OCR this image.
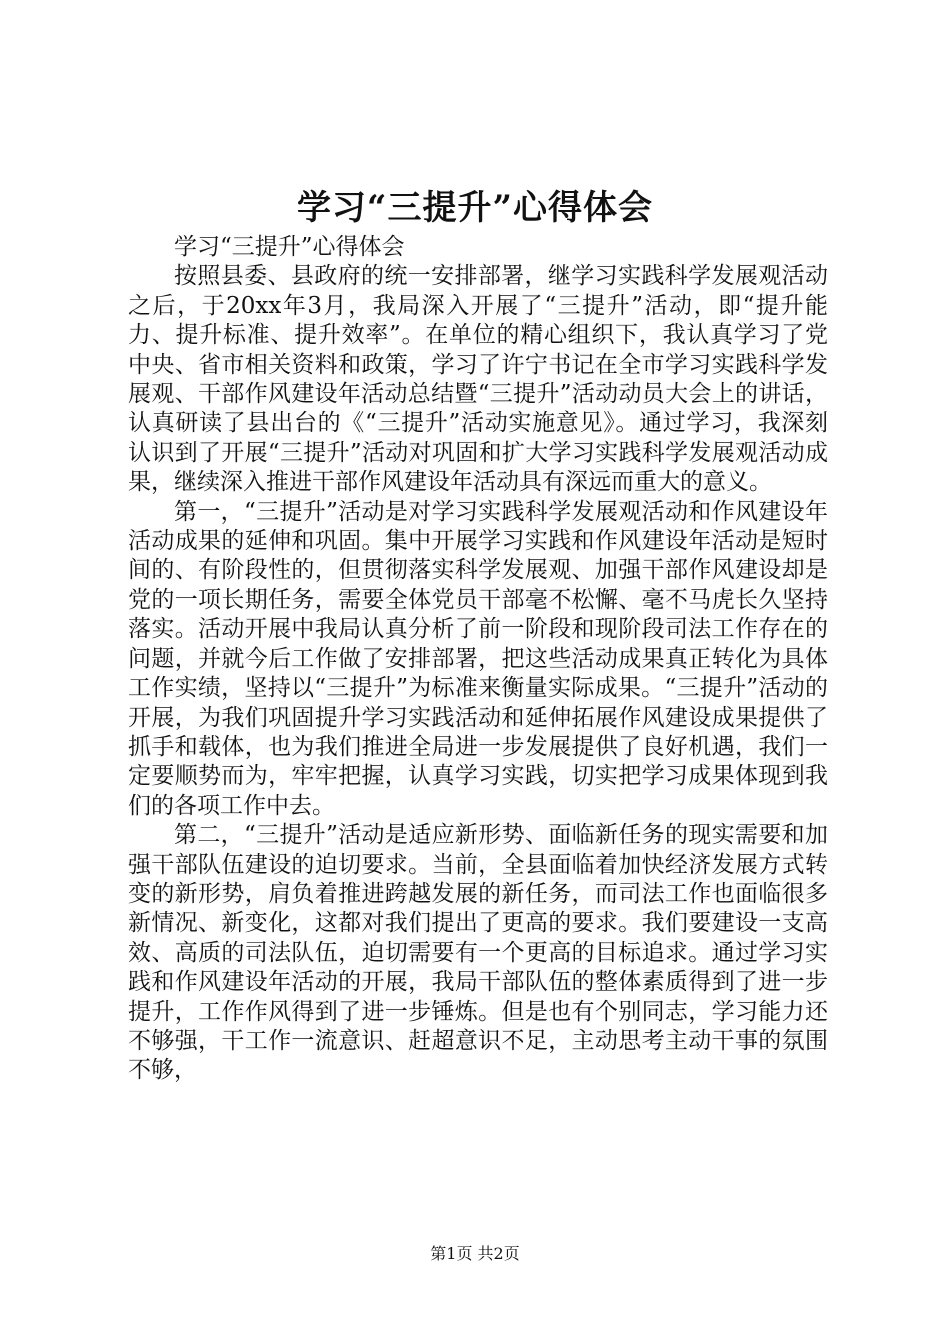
学习“三提升”心得体会

学习“三提升”心得体会

按照县委、县政府的统一安排部署，继学习实践科学发展观活动之后，于20xx年3月，我局深入开展了“三提升”活动，即“提升能力、提升标准、提升效率”。在单位的精心组织下，我认真学习了党中央、省市相关资料和政策，学习了许宁书记在全市学习实践科学发展观、干部作风建设年活动总结暨“三提升”活动动员大会上的讲话，认真研读了县出台的《“三提升”活动实施意见》。通过学习，我深刻认识到了开展“三提升”活动对巩固和扩大学习实践科学发展观活动成果，继续深入推进干部作风建设年活动具有深远而重大的意义。

第一，“三提升”活动是对学习实践科学发展观活动和作风建设年活动成果的延伸和巩固。集中开展学习实践和作风建设年活动是短时间的、有阶段性的，但贯彻落实科学发展观、加强干部作风建设却是党的一项长期任务，需要全体党员干部毫不松懈、毫不马虎长久坚持落实。活动开展中我局认真分析了前一阶段和现阶段司法工作存在的问题，并就今后工作做了安排部署，把这些活动成果真正转化为具体工作实绩，坚持以“三提升”为标准来衡量实际成果。“三提升”活动的开展，为我们巩固提升学习实践活动和延伸拓展作风建设成果提供了抓手和载体，也为我们推进全局进一步发展提供了良好机遇，我们一定要顺势而为，牢牢把握，认真学习实践，切实把学习成果体现到我们的各项工作中去。

第二，“三提升”活动是适应新形势、面临新任务的现实需要和加强干部队伍建设的迫切要求。当前，全县面临着加快经济发展方式转变的新形势，肩负着推进跨越发展的新任务，而司法工作也面临很多新情况、新变化，这都对我们提出了更高的要求。我们要建设一支高效、高质的司法队伍，迫切需要有一个更高的目标追求。通过学习实践和作风建设年活动的开展，我局干部队伍的整体素质得到了进一步提升，工作作风得到了进一步锤炼。但是也有个别同志，学习能力还不够强，干工作一流意识、赶超意识不足，主动思考主动干事的氛围不够，

第1页 共2页
